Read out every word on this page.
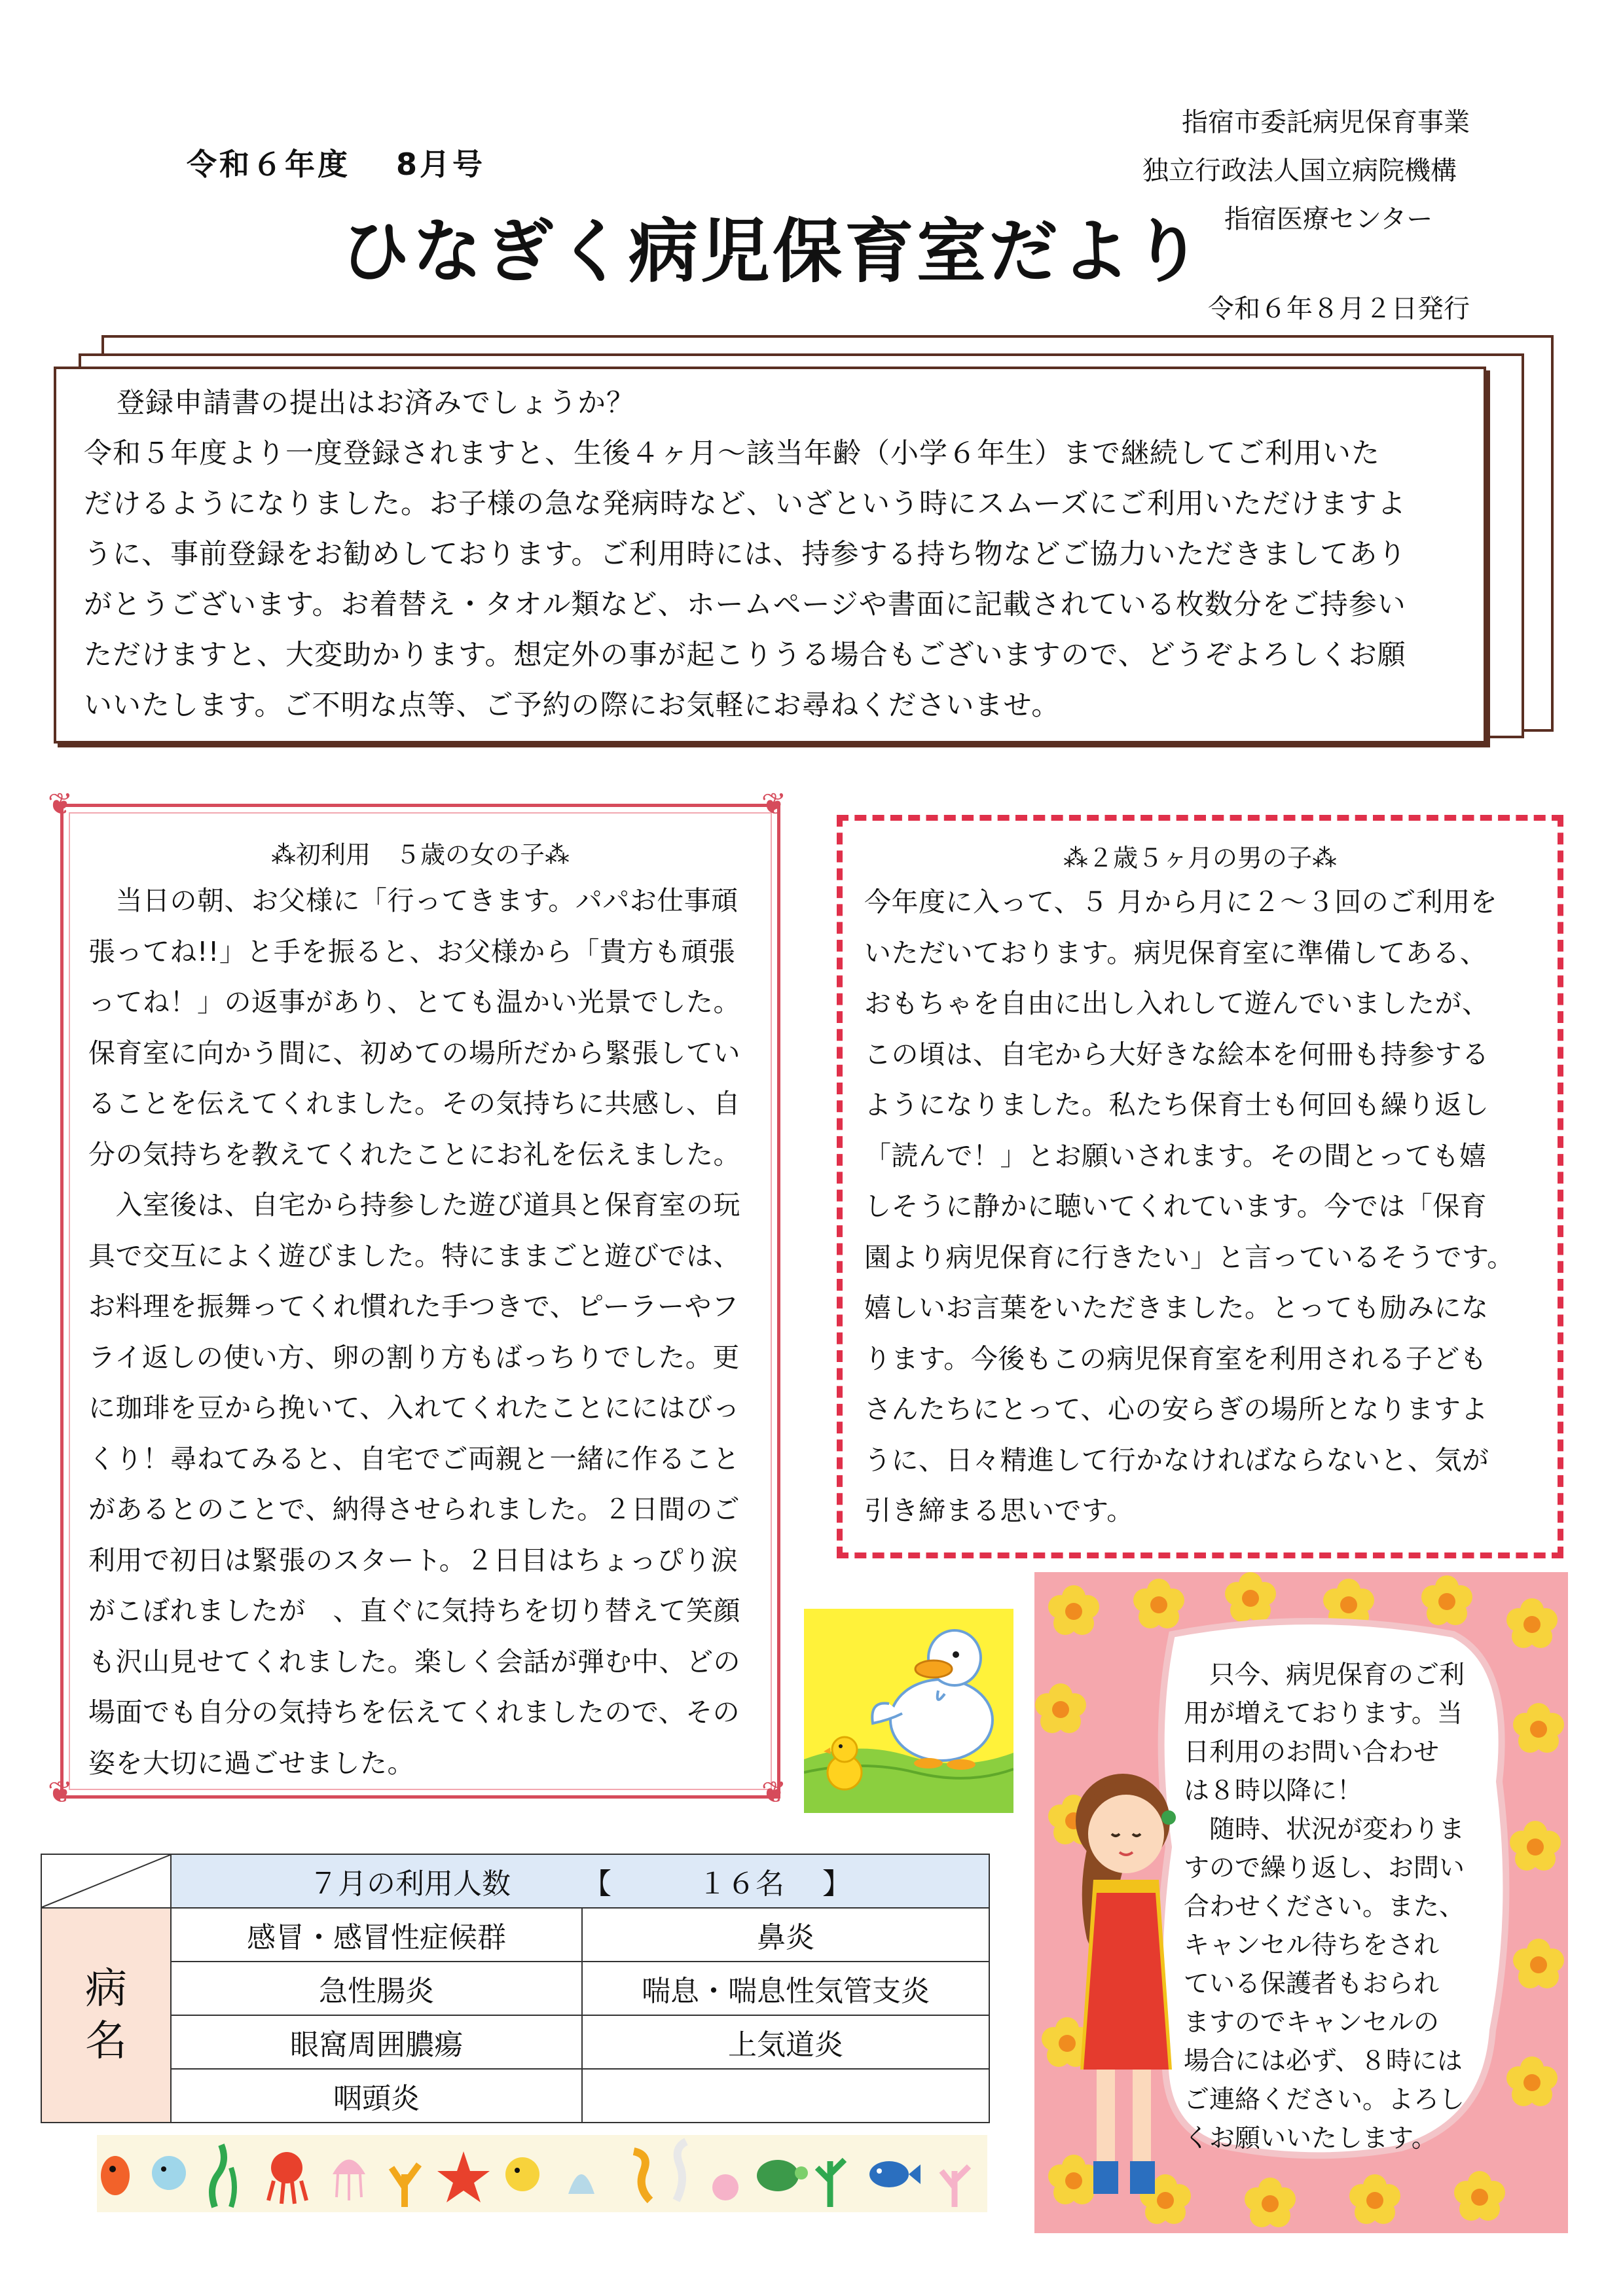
令和６年度　 8月号
ひなぎく病児保育室だより
指宿市委託病児保育事業
独立行政法人国立病院機構
指宿医療センター
令和６年８月２日発行

登録申請書の提出はお済みでしょうか？

令和５年度より一度登録されますと、生後４ヶ月～該当年齢（小学６年生）まで継続してご利用いた

だけるようになりました。お子様の急な発病時など、いざという時にスムーズにご利用いただけますよ

うに、事前登録をお勧めしております。ご利用時には、持参する持ち物などご協力いただきましてあり

がとうございます。お着替え・タオル類など、ホームページや書面に記載されている枚数分をご持参い

ただけますと、大変助かります。想定外の事が起こりうる場合もございますので、どうぞよろしくお願

いいたします。ご不明な点等、ご予約の際にお気軽にお尋ねくださいませ。

❦	❦
❦	❦
⁂初利用　５歳の女の子⁂

　当日の朝、お父様に「行ってきます。パパお仕事頑

張ってね!!」と手を振ると、お父様から「貴方も頑張

ってね！」の返事があり、とても温かい光景でした。

保育室に向かう間に、初めての場所だから緊張してい

ることを伝えてくれました。その気持ちに共感し、自

分の気持ちを教えてくれたことにお礼を伝えました。

　入室後は、自宅から持参した遊び道具と保育室の玩

具で交互によく遊びました。特にままごと遊びでは、

お料理を振舞ってくれ慣れた手つきで、ピーラーやフ

ライ返しの使い方、卵の割り方もばっちりでした。更

に珈琲を豆から挽いて、入れてくれたことににはびっ

くり！尋ねてみると、自宅でご両親と一緒に作ること

があるとのことで、納得させられました。２日間のご

利用で初日は緊張のスタート。２日目はちょっぴり涙

がこぼれましたが　、直ぐに気持ちを切り替えて笑顔

も沢山見せてくれました。楽しく会話が弾む中、どの

場面でも自分の気持ちを伝えてくれましたので、その

姿を大切に過ごせました。

⁂２歳５ヶ月の男の子⁂

今年度に入って、５ 月から月に２～３回のご利用を

いただいております。病児保育室に準備してある、

おもちゃを自由に出し入れして遊んでいましたが、

この頃は、自宅から大好きな絵本を何冊も持参する

ようになりました。私たち保育士も何回も繰り返し

「読んで！」とお願いされます。その間とっても嬉

しそうに静かに聴いてくれています。今では「保育

園より病児保育に行きたい」と言っているそうです。

嬉しいお言葉をいただきました。とっても励みにな

ります。今後もこの病児保育室を利用される子ども

さんたちにとって、心の安らぎの場所となりますよ

うに、日々精進して行かなければならないと、気が

引き締まる思いです。

　只今、病児保育のご利

用が増えております。当

日利用のお問い合わせ

は８時以降に！

　随時、状況が変わりま

すので繰り返し、お問い

合わせください。また、

キャンセル待ちをされ

ている保護者もおられ

ますのでキャンセルの

場合には必ず、８時には

ご連絡ください。よろし

くお願いいたします。

７月の利用人数　　　【　　　１６名　 】
病
名
感冒・感冒性症候群	鼻炎
急性腸炎	喘息・喘息性気管支炎
眼窩周囲膿瘍	上気道炎
咽頭炎
